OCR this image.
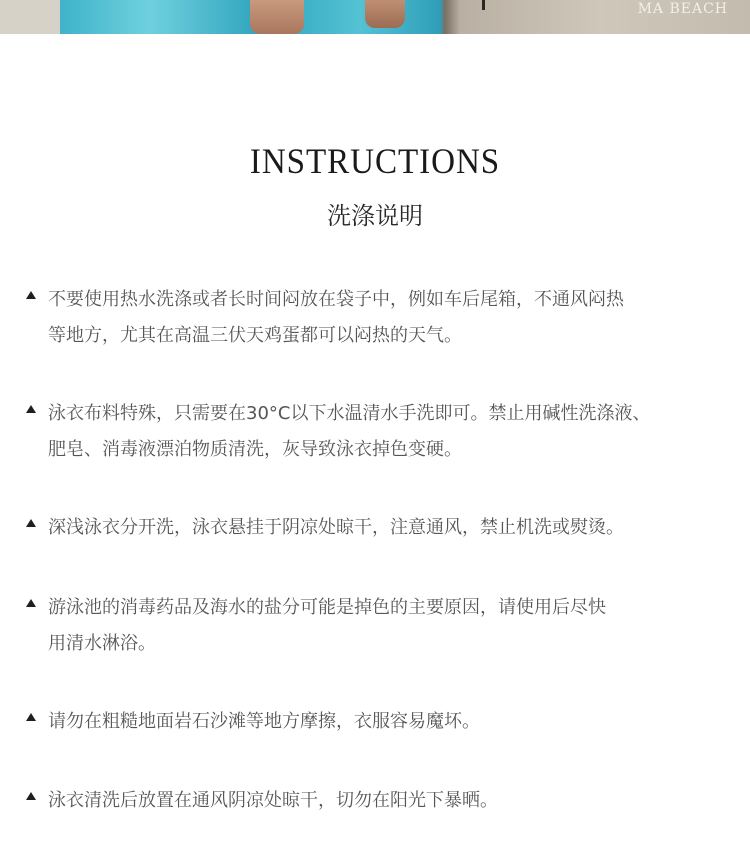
MA BEACH
INSTRUCTIONS
洗涤说明
不要使用热水洗涤或者长时间闷放在袋子中，例如车后尾箱，不通风闷热
等地方，尤其在高温三伏天鸡蛋都可以闷热的天气。
泳衣布料特殊，只需要在30°C以下水温清水手洗即可。禁止用碱性洗涤液、
肥皂、消毒液漂泊物质清洗，灰导致泳衣掉色变硬。
深浅泳衣分开洗，泳衣悬挂于阴凉处晾干，注意通风，禁止机洗或熨烫。
游泳池的消毒药品及海水的盐分可能是掉色的主要原因，请使用后尽快
用清水淋浴。
请勿在粗糙地面岩石沙滩等地方摩擦，衣服容易魔坏。
泳衣清洗后放置在通风阴凉处晾干，切勿在阳光下暴晒。
